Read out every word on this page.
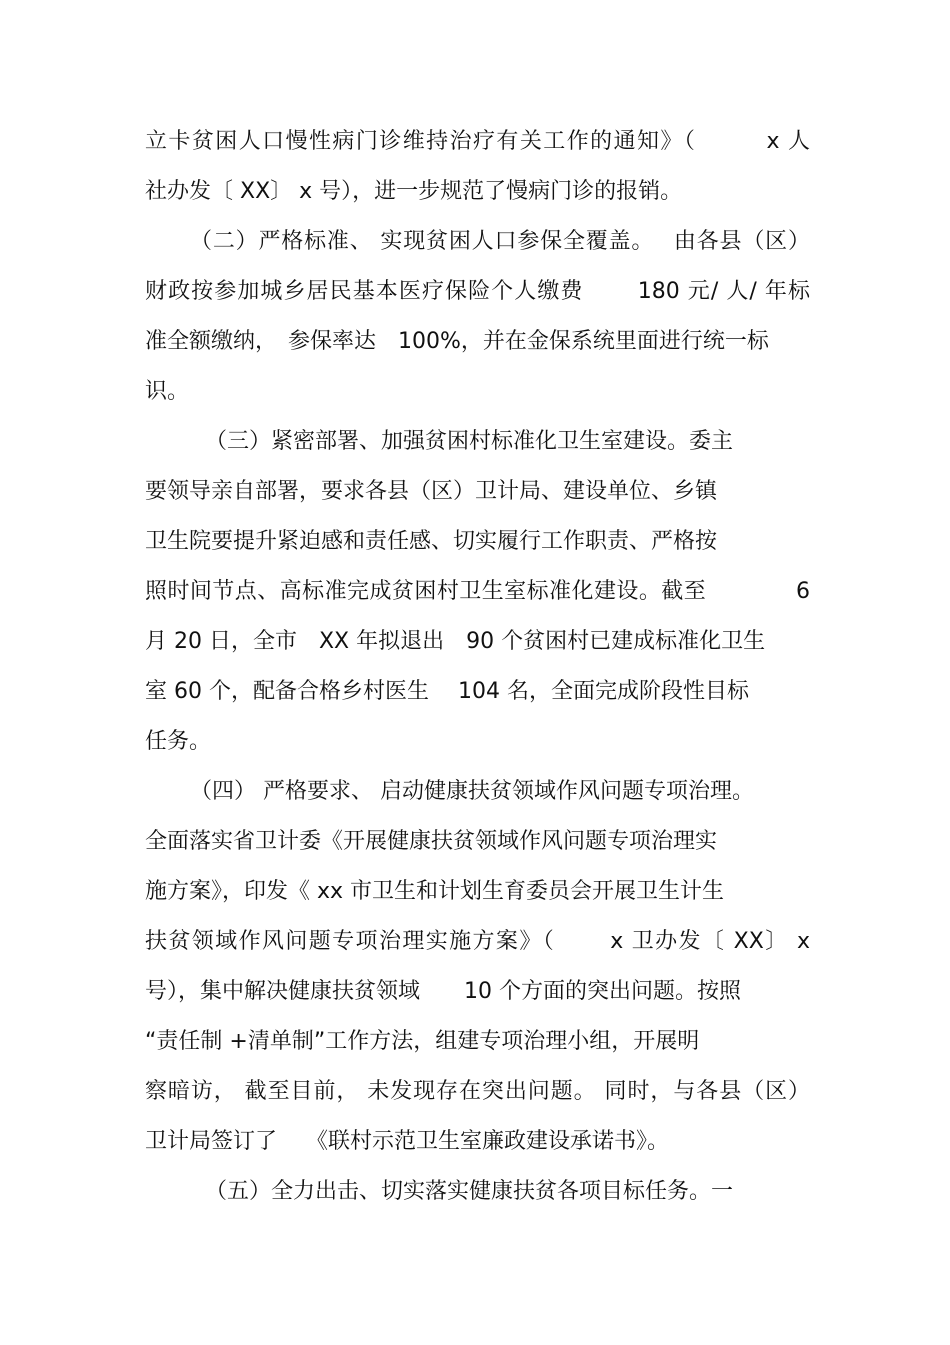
立卡贫困人口慢性病门诊维持治疗有关工作的通知》（　　　x 人
社办发〔 XX〕 x 号），进一步规范了慢病门诊的报销。
（二）严格标准、 实现贫困人口参保全覆盖。　 由各县（区）
财政按参加城乡居民基本医疗保险个人缴费　　 180 元/ 人/ 年标
准全额缴纳，　参保率达　100%，并在金保系统里面进行统一标
识。
（三）紧密部署、加强贫困村标准化卫生室建设。委主
要领导亲自部署，要求各县（区）卫计局、建设单位、乡镇
卫生院要提升紧迫感和责任感、切实履行工作职责、严格按
照时间节点、高标准完成贫困村卫生室标准化建设。截至　　　　6
月 20 日，全市　XX 年拟退出　90 个贫困村已建成标准化卫生
室 60 个，配备合格乡村医生　 104 名，全面完成阶段性目标
任务。
（四） 严格要求、 启动健康扶贫领域作风问题专项治理。
全面落实省卫计委《开展健康扶贫领域作风问题专项治理实
施方案》，印发《 xx 市卫生和计划生育委员会开展卫生计生
扶贫领域作风问题专项治理实施方案》（　　 x 卫办发〔 XX〕 x
号），集中解决健康扶贫领域　　10 个方面的突出问题。按照
“责任制 +清单制”工作方法，组建专项治理小组，开展明
察暗访， 截至目前， 未发现存在突出问题。 同时，与各县（区）
卫计局签订了　 《联村示范卫生室廉政建设承诺书》。
（五）全力出击、切实落实健康扶贫各项目标任务。一
